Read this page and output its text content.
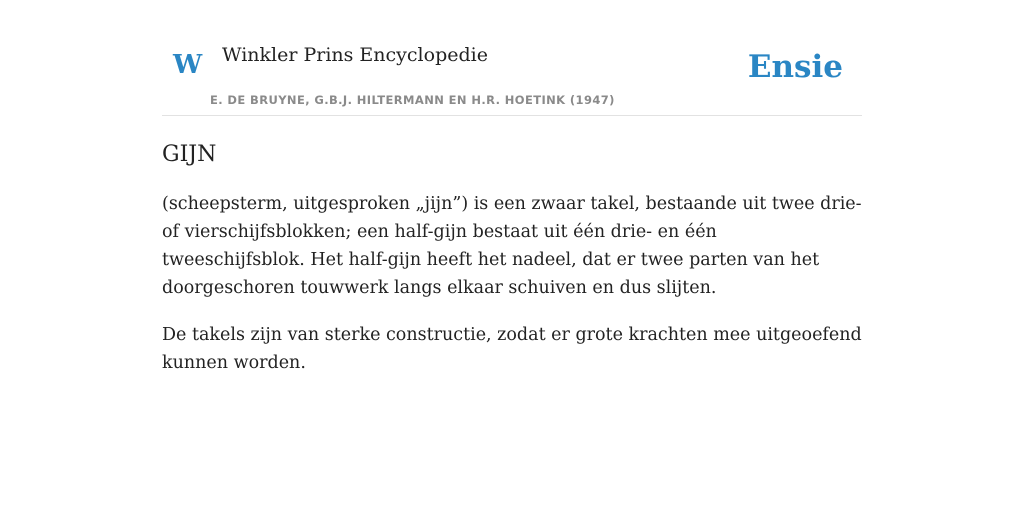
W Winkler Prins Encyclopedie
E. DE BRUYNE, G.B.J. HILTERMANN EN H.R. HOETINK (1947)
Ensie
GIJN

(scheepsterm, uitgesproken „jijn”) is een zwaar takel, bestaande uit twee drie- of vierschijfsblokken; een half-gijn bestaat uit één drie- en één tweeschijfsblok. Het half-gijn heeft het nadeel, dat er twee parten van het doorgeschoren touwwerk langs elkaar schuiven en dus slijten.

De takels zijn van sterke constructie, zodat er grote krachten mee uitgeoefend kunnen worden.
